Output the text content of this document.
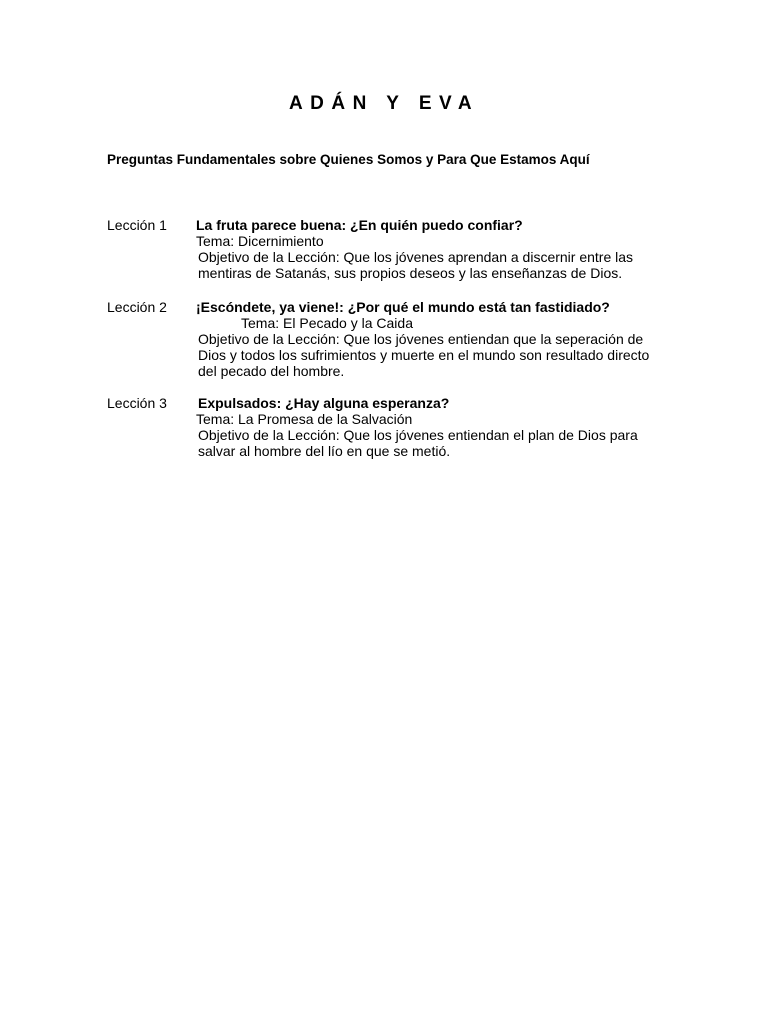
ADÁN Y EVA
Preguntas Fundamentales sobre Quienes Somos y Para Que Estamos Aquí
Lección 1 La fruta parece buena: ¿En quién puedo confiar?
Tema: Dicernimiento
Objetivo de la Lección: Que los jóvenes aprendan a discernir entre las mentiras de Satanás, sus propios deseos y las enseñanzas de Dios.
Lección 2 ¡Escóndete, ya viene!: ¿Por qué el mundo está tan fastidiado?
Tema: El Pecado y la Caida
Objetivo de la Lección: Que los jóvenes entiendan que la seperación de Dios y todos los sufrimientos y muerte en el mundo son resultado directo del pecado del hombre.
Lección 3 Expulsados: ¿Hay alguna esperanza?
Tema: La Promesa de la Salvación
Objetivo de la Lección: Que los jóvenes entiendan el plan de Dios para salvar al hombre del lío en que se metió.
